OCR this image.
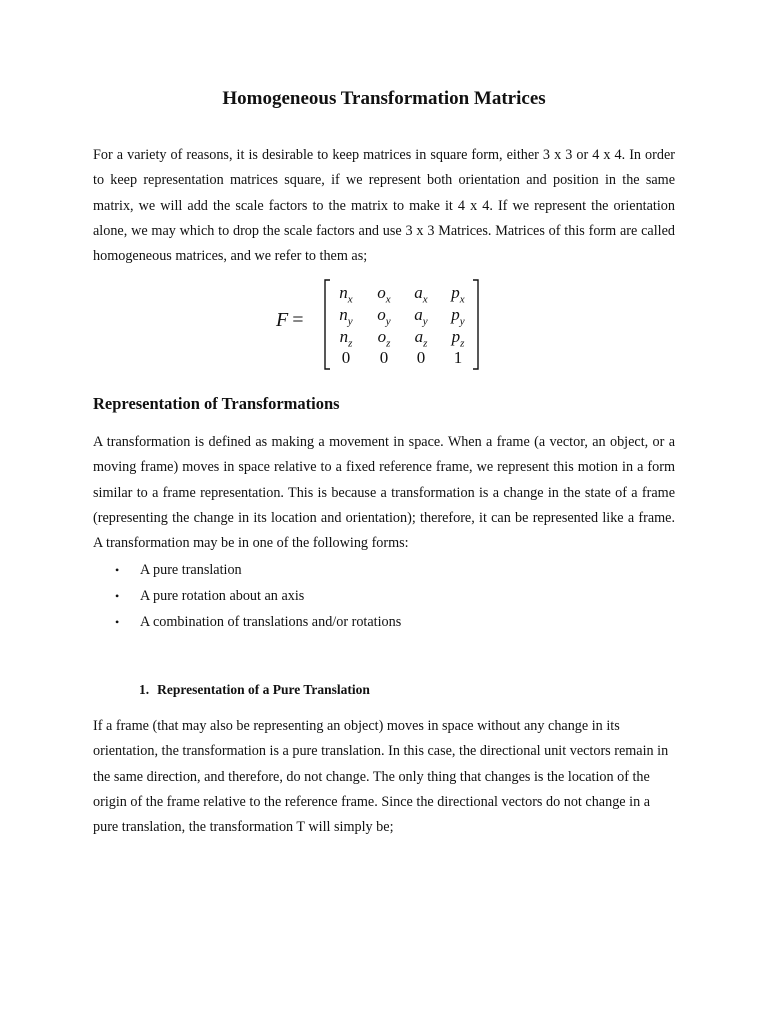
Homogeneous Transformation Matrices

For a variety of reasons, it is desirable to keep matrices in square form, either 3 x 3 or 4 x 4. In order to keep representation matrices square, if we represent both orientation and position in the same matrix, we will add the scale factors to the matrix to make it 4 x 4. If we represent the orientation alone, we may which to drop the scale factors and use 3 x 3 Matrices. Matrices of this form are called homogeneous matrices, and we refer to them as;

F =
$n_x$	$o_x$	$a_x$	$p_x$
$n_y$	$o_y$	$a_y$	$p_y$
$n_z$	$o_z$	$a_z$	$p_z$
0	0	0	1
Representation of Transformations

A transformation is defined as making a movement in space. When a frame (a vector, an object, or a moving frame) moves in space relative to a fixed reference frame, we represent this motion in a form similar to a frame representation. This is because a transformation is a change in the state of a frame (representing the change in its location and orientation); therefore, it can be represented like a frame. A transformation may be in one of the following forms:

• A pure translation
• A pure rotation about an axis
• A combination of translations and/or rotations
1. Representation of a Pure Translation

If a frame (that may also be representing an object) moves in space without any change in its orientation, the transformation is a pure translation. In this case, the directional unit vectors remain in the same direction, and therefore, do not change. The only thing that changes is the location of the origin of the frame relative to the reference frame. Since the directional vectors do not change in a pure translation, the transformation T will simply be;
